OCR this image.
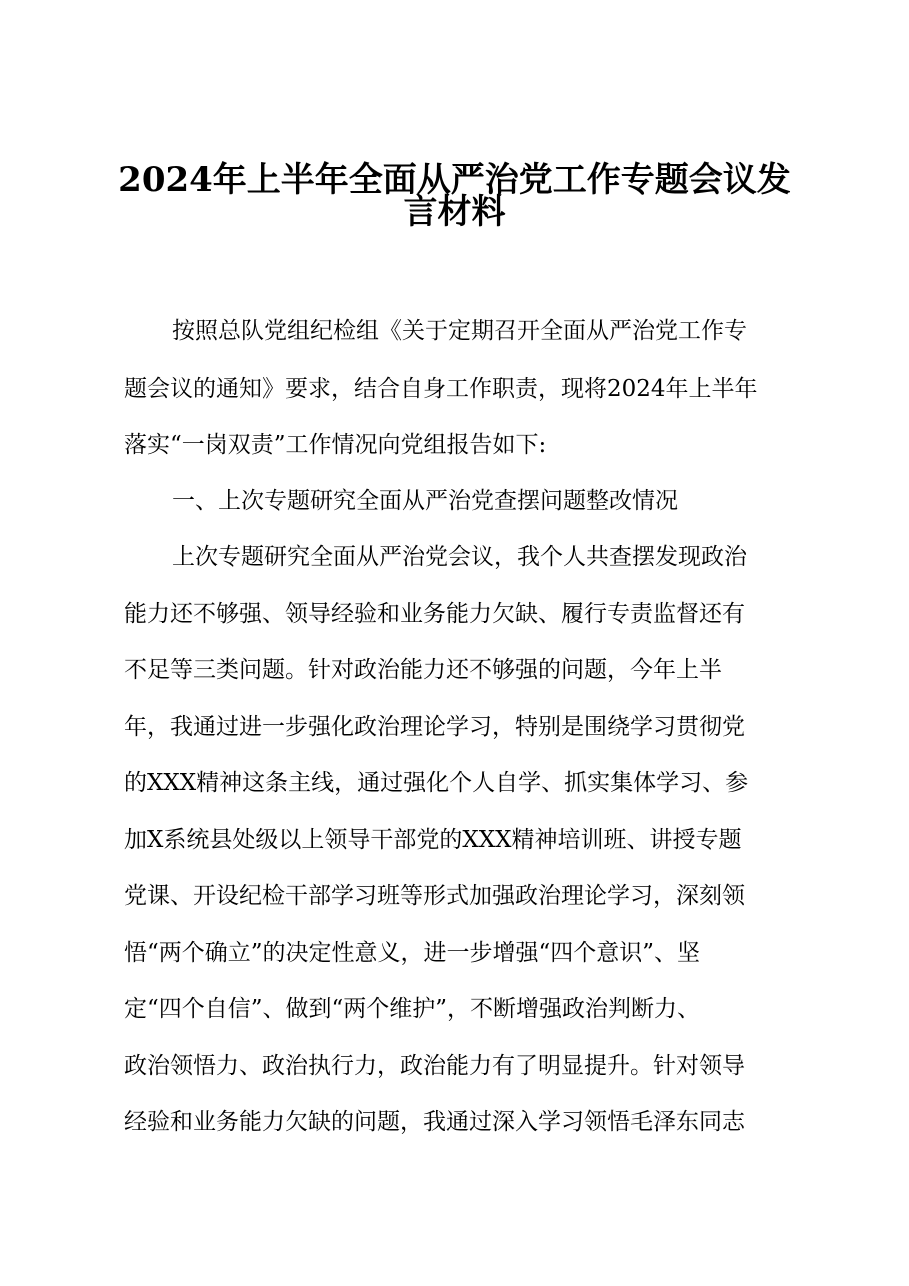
2024年上半年全面从严治党工作专题会议发
言材料
按照总队党组纪检组《关于定期召开全面从严治党工作专
题会议的通知》要求，结合自身工作职责，现将2024年上半年
落实“一岗双责”工作情况向党组报告如下:
一、上次专题研究全面从严治党查摆问题整改情况
上次专题研究全面从严治党会议，我个人共查摆发现政治
能力还不够强、领导经验和业务能力欠缺、履行专责监督还有
不足等三类问题。针对政治能力还不够强的问题，今年上半
年，我通过进一步强化政治理论学习，特别是围绕学习贯彻党
的XXX精神这条主线，通过强化个人自学、抓实集体学习、参
加X系统县处级以上领导干部党的XXX精神培训班、讲授专题
党课、开设纪检干部学习班等形式加强政治理论学习，深刻领
悟“两个确立”的决定性意义，进一步增强“四个意识”、坚
定“四个自信”、做到“两个维护”，不断增强政治判断力、
政治领悟力、政治执行力，政治能力有了明显提升。针对领导
经验和业务能力欠缺的问题，我通过深入学习领悟毛泽东同志
